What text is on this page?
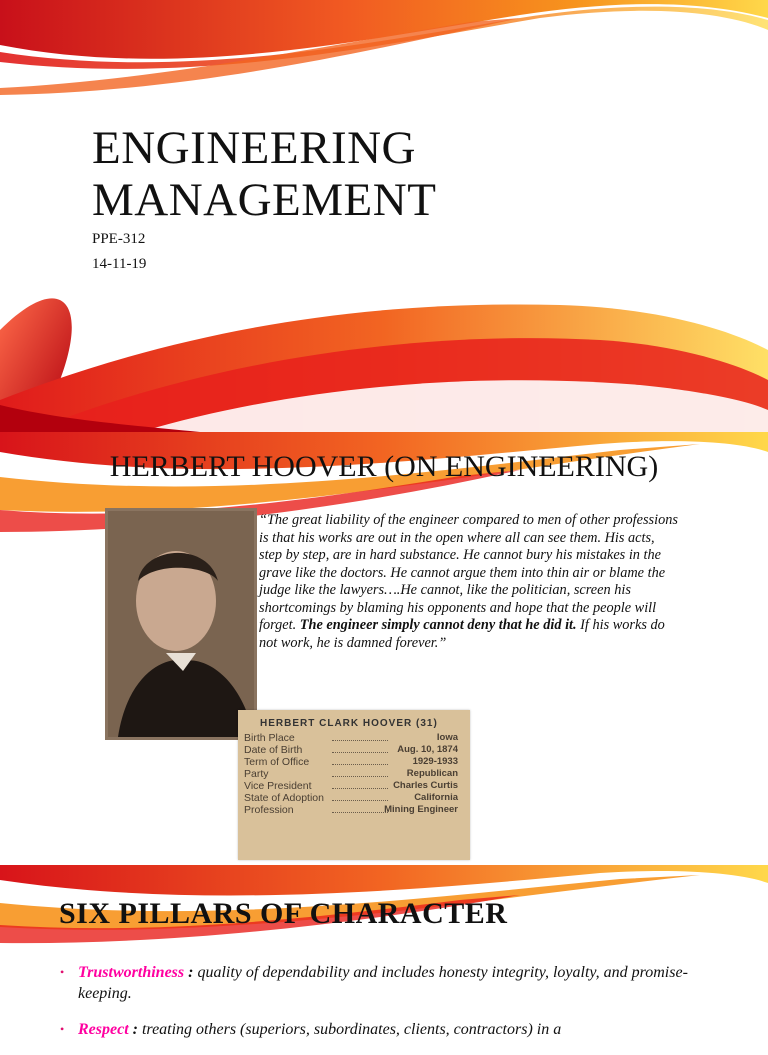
ENGINEERING
MANAGEMENT
PPE-312
14-11-19
HERBERT HOOVER (ON ENGINEERING)
HERBERT CLARK HOOVER (31)
Birth Place	Iowa
Date of Birth	Aug. 10, 1874
Term of Office	1929-1933
Party	Republican
Vice President	Charles Curtis
State of Adoption	California
Profession	Mining Engineer

“The great liability of the engineer compared to men of other professions is that his works are out in the open where all can see them. His acts, step by step, are in hard substance. He cannot bury his mistakes in the grave like the doctors. He cannot argue them into thin air or blame the judge like the lawyers….He cannot, like the politician, screen his shortcomings by blaming his opponents and hope that the people will forget. The engineer simply cannot deny that he did it. If his works do not work, he is damned forever.”

SIX PILLARS OF CHARACTER
• Trustworthiness : quality of dependability and includes honesty integrity, loyalty, and promise-keeping.
• Respect : treating others (superiors, subordinates, clients, contractors) in a
